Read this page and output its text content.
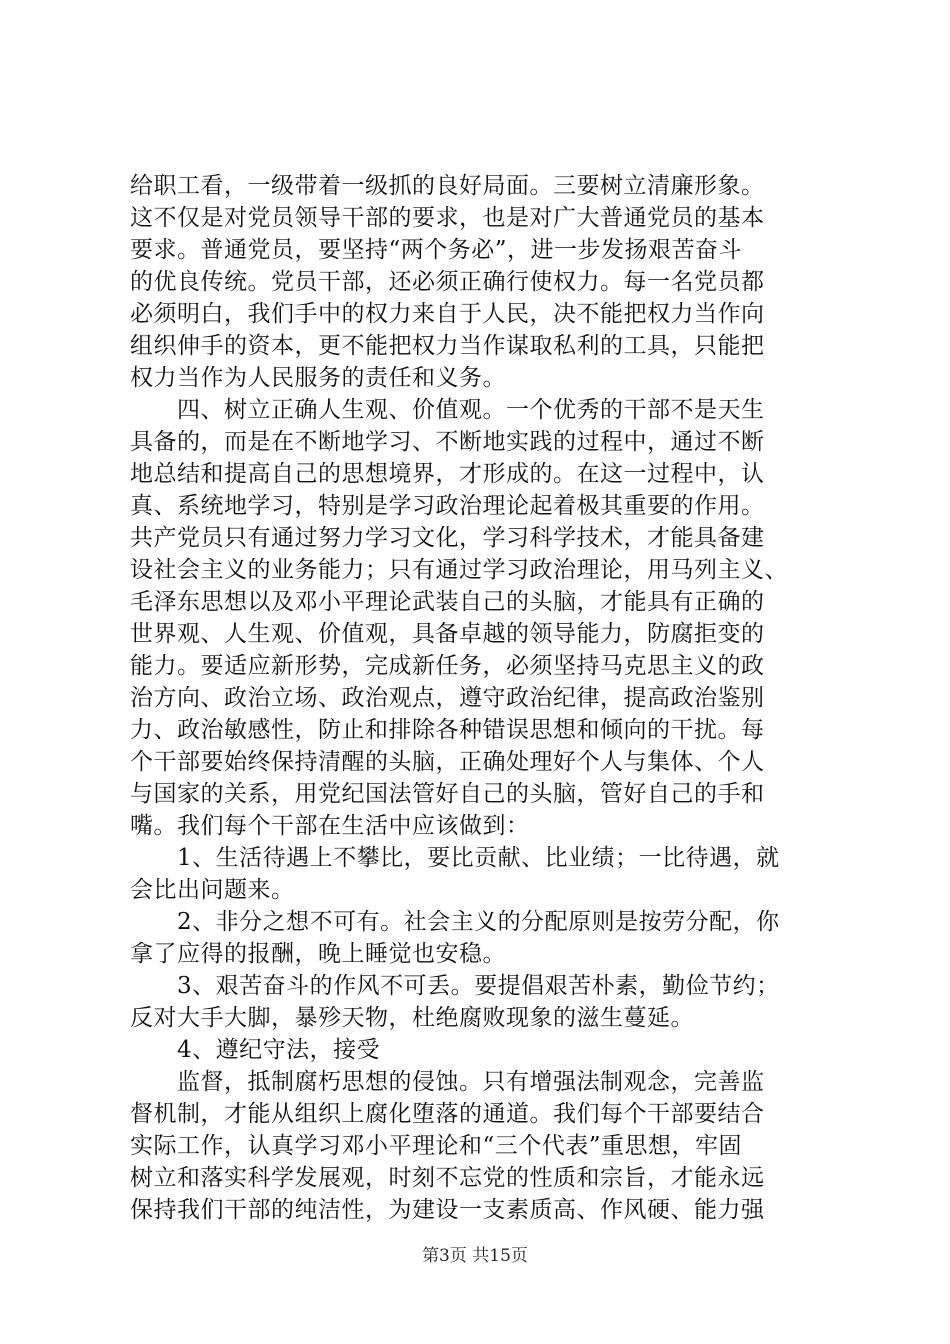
给职工看，一级带着一级抓的良好局面。三要树立清廉形象。
这不仅是对党员领导干部的要求，也是对广大普通党员的基本
要求。普通党员，要坚持“两个务必”，进一步发扬艰苦奋斗
的优良传统。党员干部，还必须正确行使权力。每一名党员都
必须明白，我们手中的权力来自于人民，决不能把权力当作向
组织伸手的资本，更不能把权力当作谋取私利的工具，只能把
权力当作为人民服务的责任和义务。
　　四、树立正确人生观、价值观。一个优秀的干部不是天生
具备的，而是在不断地学习、不断地实践的过程中，通过不断
地总结和提高自己的思想境界，才形成的。在这一过程中，认
真、系统地学习，特别是学习政治理论起着极其重要的作用。
共产党员只有通过努力学习文化，学习科学技术，才能具备建
设社会主义的业务能力；只有通过学习政治理论，用马列主义、
毛泽东思想以及邓小平理论武装自己的头脑，才能具有正确的
世界观、人生观、价值观，具备卓越的领导能力，防腐拒变的
能力。要适应新形势，完成新任务，必须坚持马克思主义的政
治方向、政治立场、政治观点，遵守政治纪律，提高政治鉴别
力、政治敏感性，防止和排除各种错误思想和倾向的干扰。每
个干部要始终保持清醒的头脑，正确处理好个人与集体、个人
与国家的关系，用党纪国法管好自己的头脑，管好自己的手和
嘴。我们每个干部在生活中应该做到：
　　1、生活待遇上不攀比，要比贡献、比业绩；一比待遇，就
会比出问题来。
　　2、非分之想不可有。社会主义的分配原则是按劳分配，你
拿了应得的报酬，晚上睡觉也安稳。
　　3、艰苦奋斗的作风不可丢。要提倡艰苦朴素，勤俭节约；
反对大手大脚，暴殄天物，杜绝腐败现象的滋生蔓延。
　　4、遵纪守法，接受
　　监督，抵制腐朽思想的侵蚀。只有增强法制观念，完善监
督机制，才能从组织上腐化堕落的通道。我们每个干部要结合
实际工作，认真学习邓小平理论和“三个代表”重思想，牢固
树立和落实科学发展观，时刻不忘党的性质和宗旨，才能永远
保持我们干部的纯洁性，为建设一支素质高、作风硬、能力强
第3页 共15页
